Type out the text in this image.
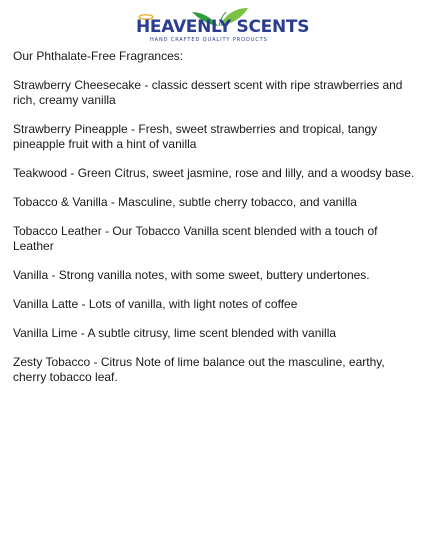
HEAVENLY SCENTS
HAND CRAFTED QUALITY PRODUCTS
Our Phthalate-Free Fragrances:
Strawberry Cheesecake - classic dessert scent with ripe strawberries and rich, creamy vanilla
Strawberry Pineapple - Fresh, sweet strawberries and tropical, tangy pineapple fruit with a hint of vanilla
Teakwood - Green Citrus, sweet jasmine, rose and lilly, and a woodsy base.
Tobacco & Vanilla - Masculine, subtle cherry tobacco, and vanilla
Tobacco Leather - Our Tobacco Vanilla scent blended with a touch of Leather
Vanilla - Strong vanilla notes, with some sweet, buttery undertones.
Vanilla Latte - Lots of vanilla, with light notes of coffee
Vanilla Lime - A subtle citrusy, lime scent blended with vanilla
Zesty Tobacco - Citrus Note of lime balance out the masculine, earthy, cherry tobacco leaf.
